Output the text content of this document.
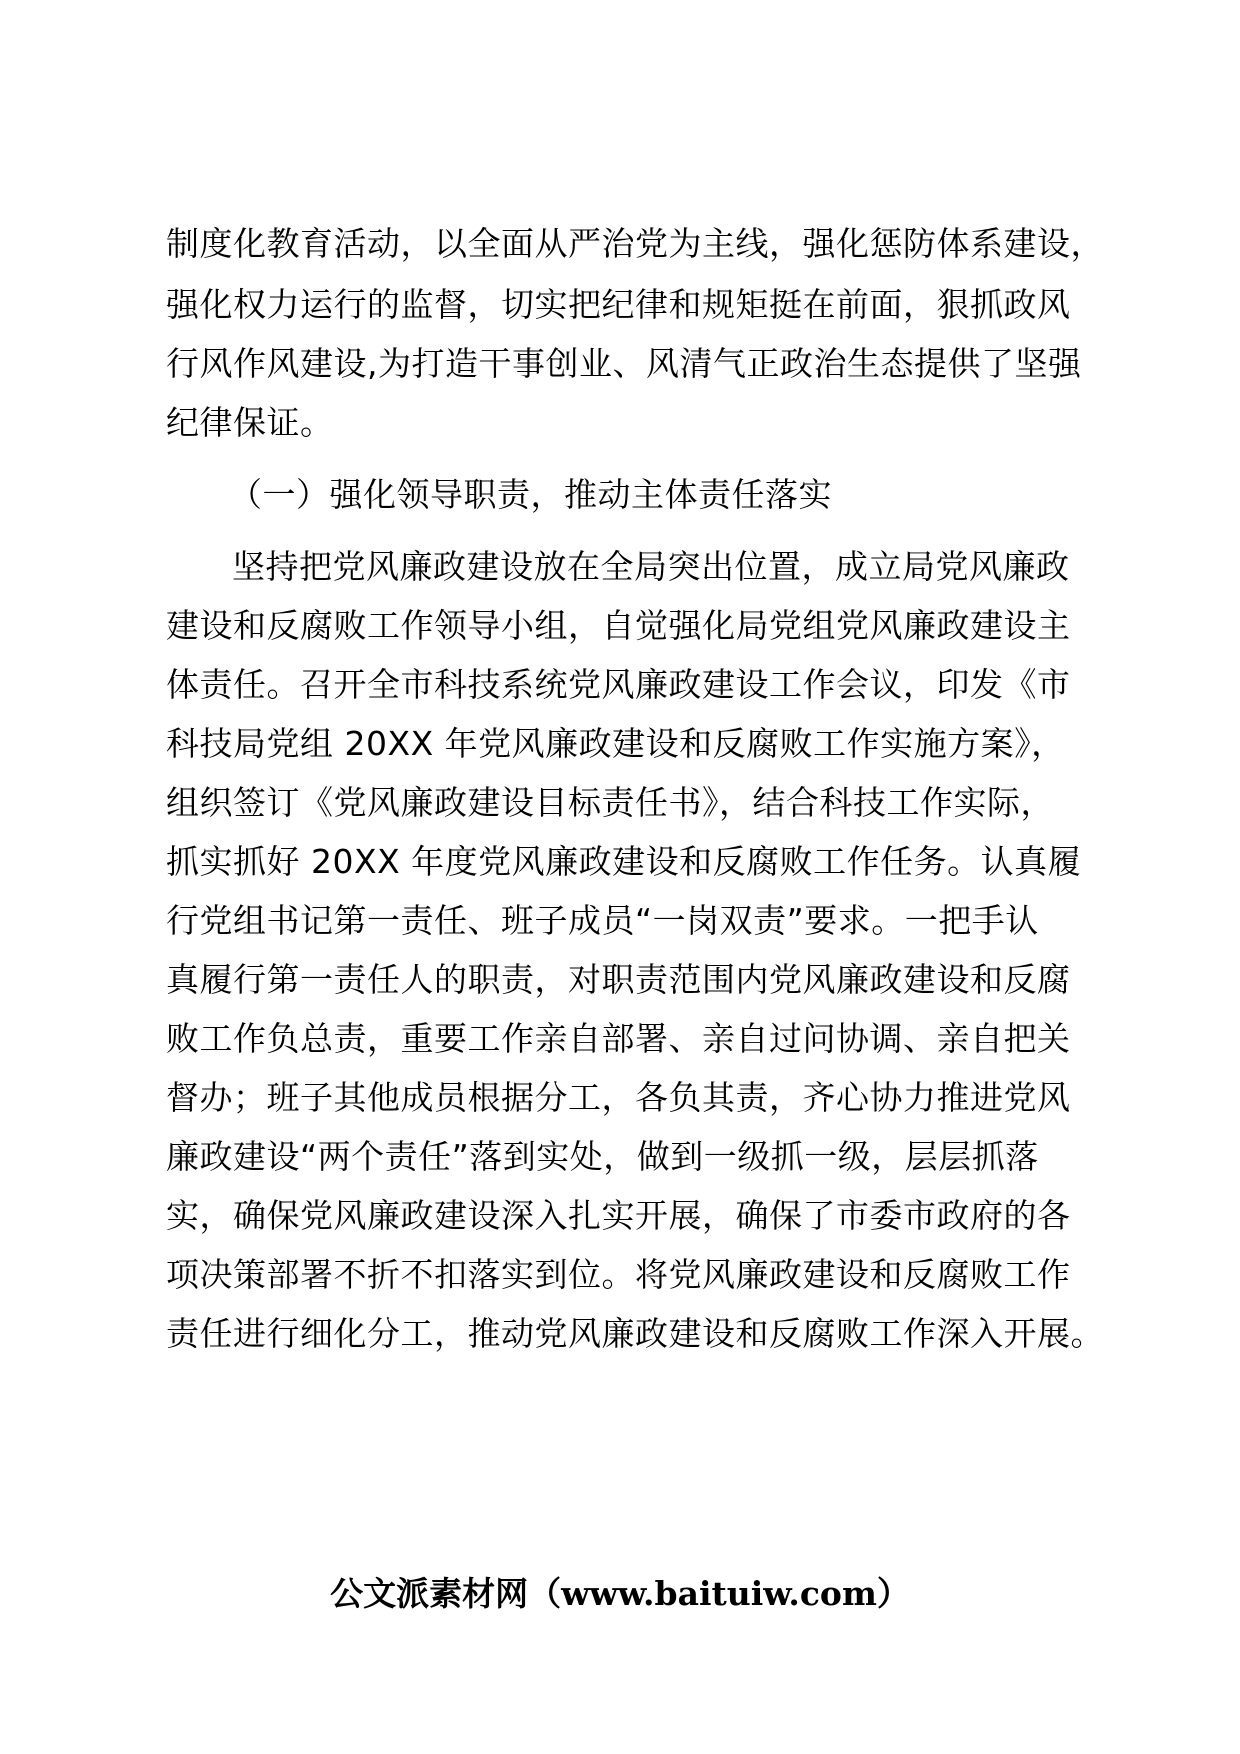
制度化教育活动，以全面从严治党为主线，强化惩防体系建设，
强化权力运行的监督，切实把纪律和规矩挺在前面，狠抓政风
行风作风建设,为打造干事创业、风清气正政治生态提供了坚强
纪律保证。
（一）强化领导职责，推动主体责任落实
坚持把党风廉政建设放在全局突出位置，成立局党风廉政
建设和反腐败工作领导小组，自觉强化局党组党风廉政建设主
体责任。召开全市科技系统党风廉政建设工作会议，印发《市
科技局党组 20XX 年党风廉政建设和反腐败工作实施方案》，
组织签订《党风廉政建设目标责任书》，结合科技工作实际，
抓实抓好 20XX 年度党风廉政建设和反腐败工作任务。认真履
行党组书记第一责任、班子成员“一岗双责”要求。一把手认
真履行第一责任人的职责，对职责范围内党风廉政建设和反腐
败工作负总责，重要工作亲自部署、亲自过问协调、亲自把关
督办；班子其他成员根据分工，各负其责，齐心协力推进党风
廉政建设“两个责任”落到实处，做到一级抓一级，层层抓落
实，确保党风廉政建设深入扎实开展，确保了市委市政府的各
项决策部署不折不扣落实到位。将党风廉政建设和反腐败工作
责任进行细化分工，推动党风廉政建设和反腐败工作深入开展。
公文派素材网（www.baituiw.com）
